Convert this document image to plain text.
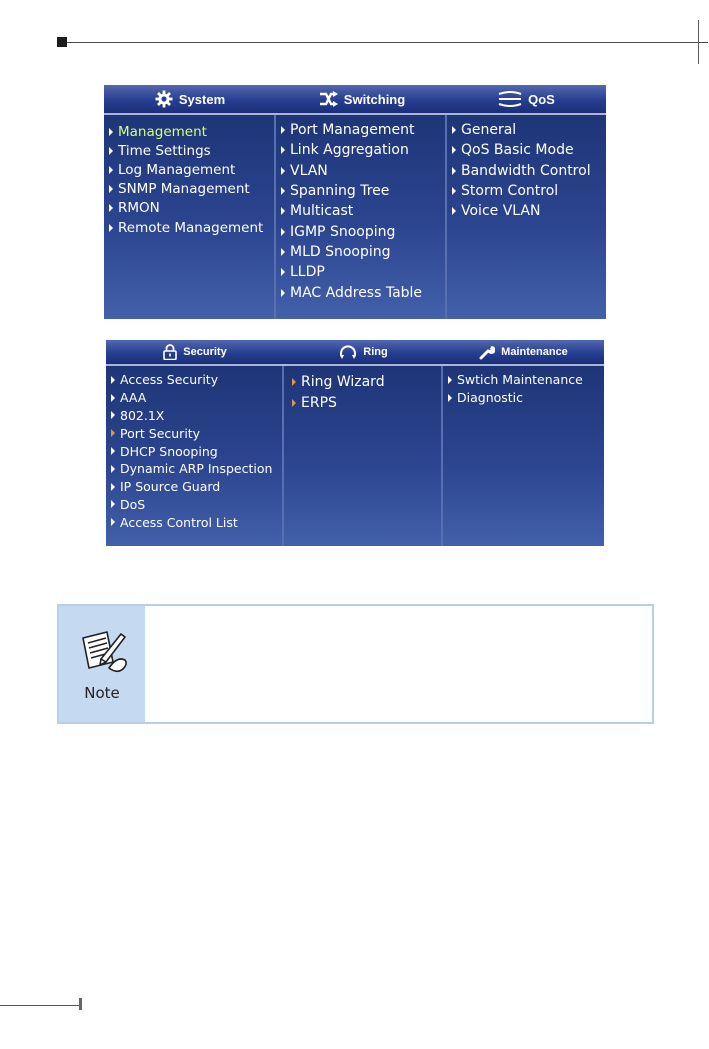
System	Switching	QoS
Management
Time Settings
Log Management
SNMP Management
RMON
Remote Management
Port Management
Link Aggregation
VLAN
Spanning Tree
Multicast
IGMP Snooping
MLD Snooping
LLDP
MAC Address Table
General
QoS Basic Mode
Bandwidth Control
Storm Control
Voice VLAN
Security	Ring	Maintenance
Access Security
AAA
802.1X
Port Security
DHCP Snooping
Dynamic ARP Inspection
IP Source Guard
DoS
Access Control List
Ring Wizard
ERPS
Swtich Maintenance
Diagnostic
Note
